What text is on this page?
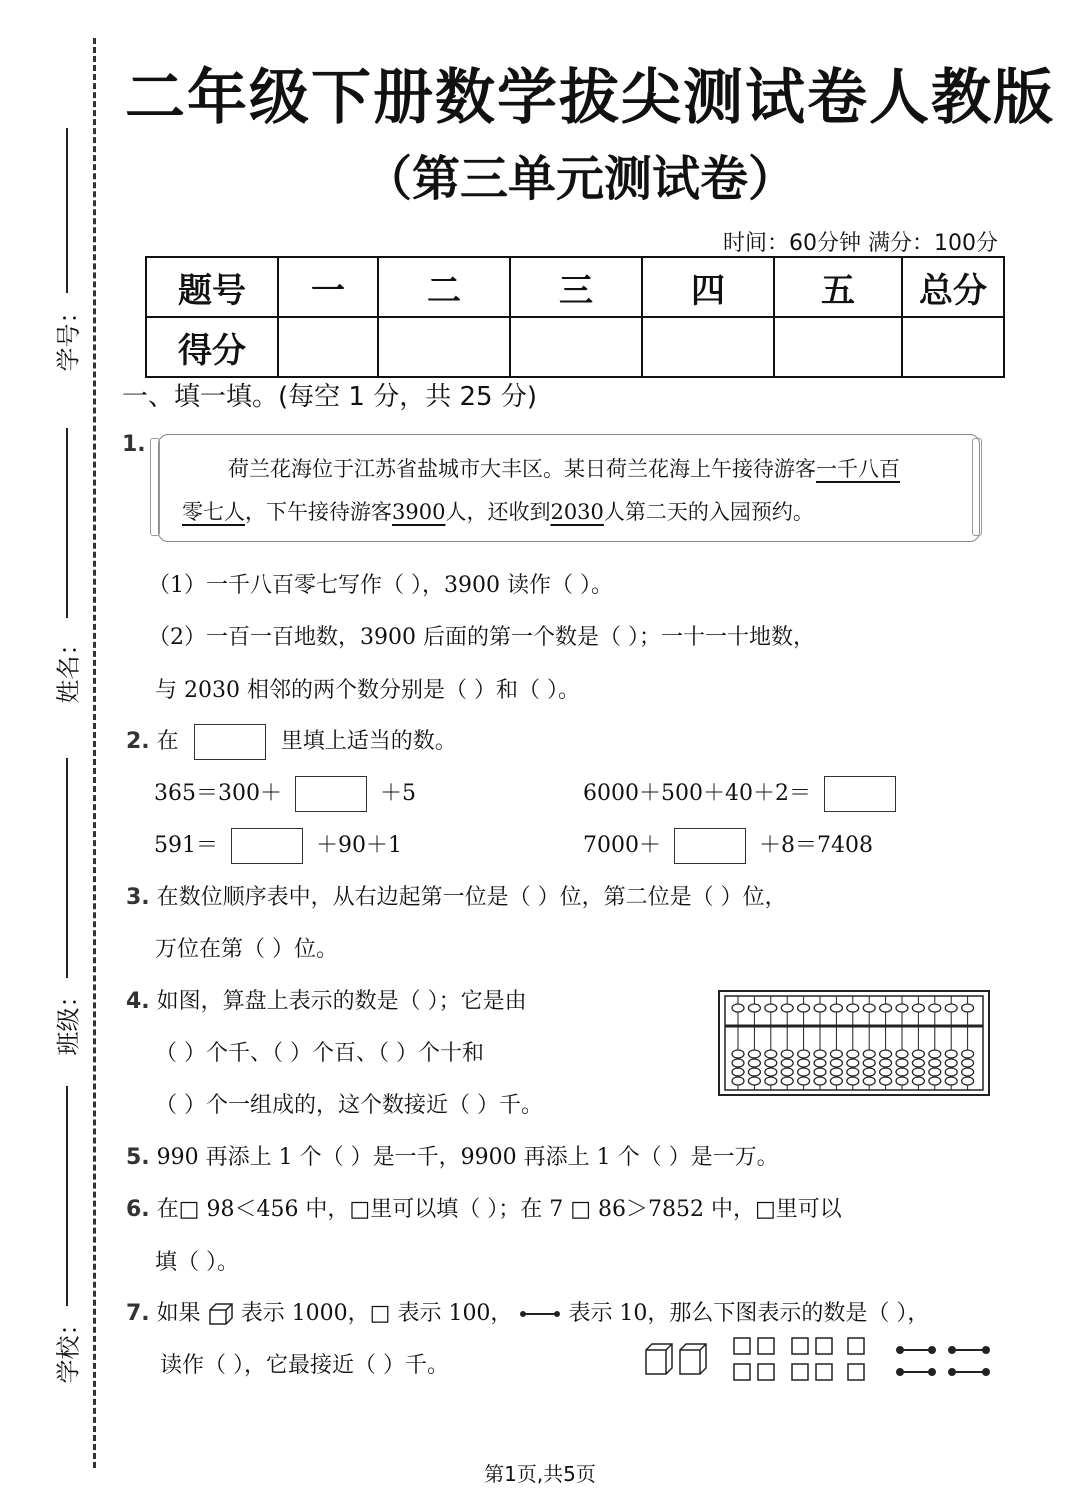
学号：
姓名：
班级：
学校：
二年级下册数学拔尖测试卷人教版
（第三单元测试卷）
时间：60分钟 满分：100分
题号	一	二	三	四	五	总分
得分						
一、填一填。(每空 1 分，共 25 分)
1.
荷兰花海位于江苏省盐城市大丰区。某日荷兰花海上午接待游客一千八百
零七人，下午接待游客3900人，还收到2030人第二天的入园预约。
（1）一千八百零七写作（ ），3900 读作（ ）。
（2）一百一百地数，3900 后面的第一个数是（ ）；一十一十地数，
与 2030 相邻的两个数分别是（ ）和（ ）。
2. 在	里填上适当的数。
365＝300＋	＋5	6000＋500＋40＋2＝
591＝	＋90＋1	7000＋	＋8＝7408
3. 在数位顺序表中，从右边起第一位是（ ）位，第二位是（ ）位，
万位在第（ ）位。
4. 如图，算盘上表示的数是（ ）；它是由
（ ）个千、（ ）个百、（ ）个十和
（ ）个一组成的，这个数接近（ ）千。
5. 990 再添上 1 个（ ）是一千，9900 再添上 1 个（ ）是一万。
6. 在□ 98＜456 中，□里可以填（ ）；在 7 □ 86＞7852 中，□里可以
填（ ）。
7. 如果 表示 1000，□ 表示 100，	表示 10，那么下图表示的数是（ ），
读作（ ），它最接近（ ）千。
第1页,共5页
